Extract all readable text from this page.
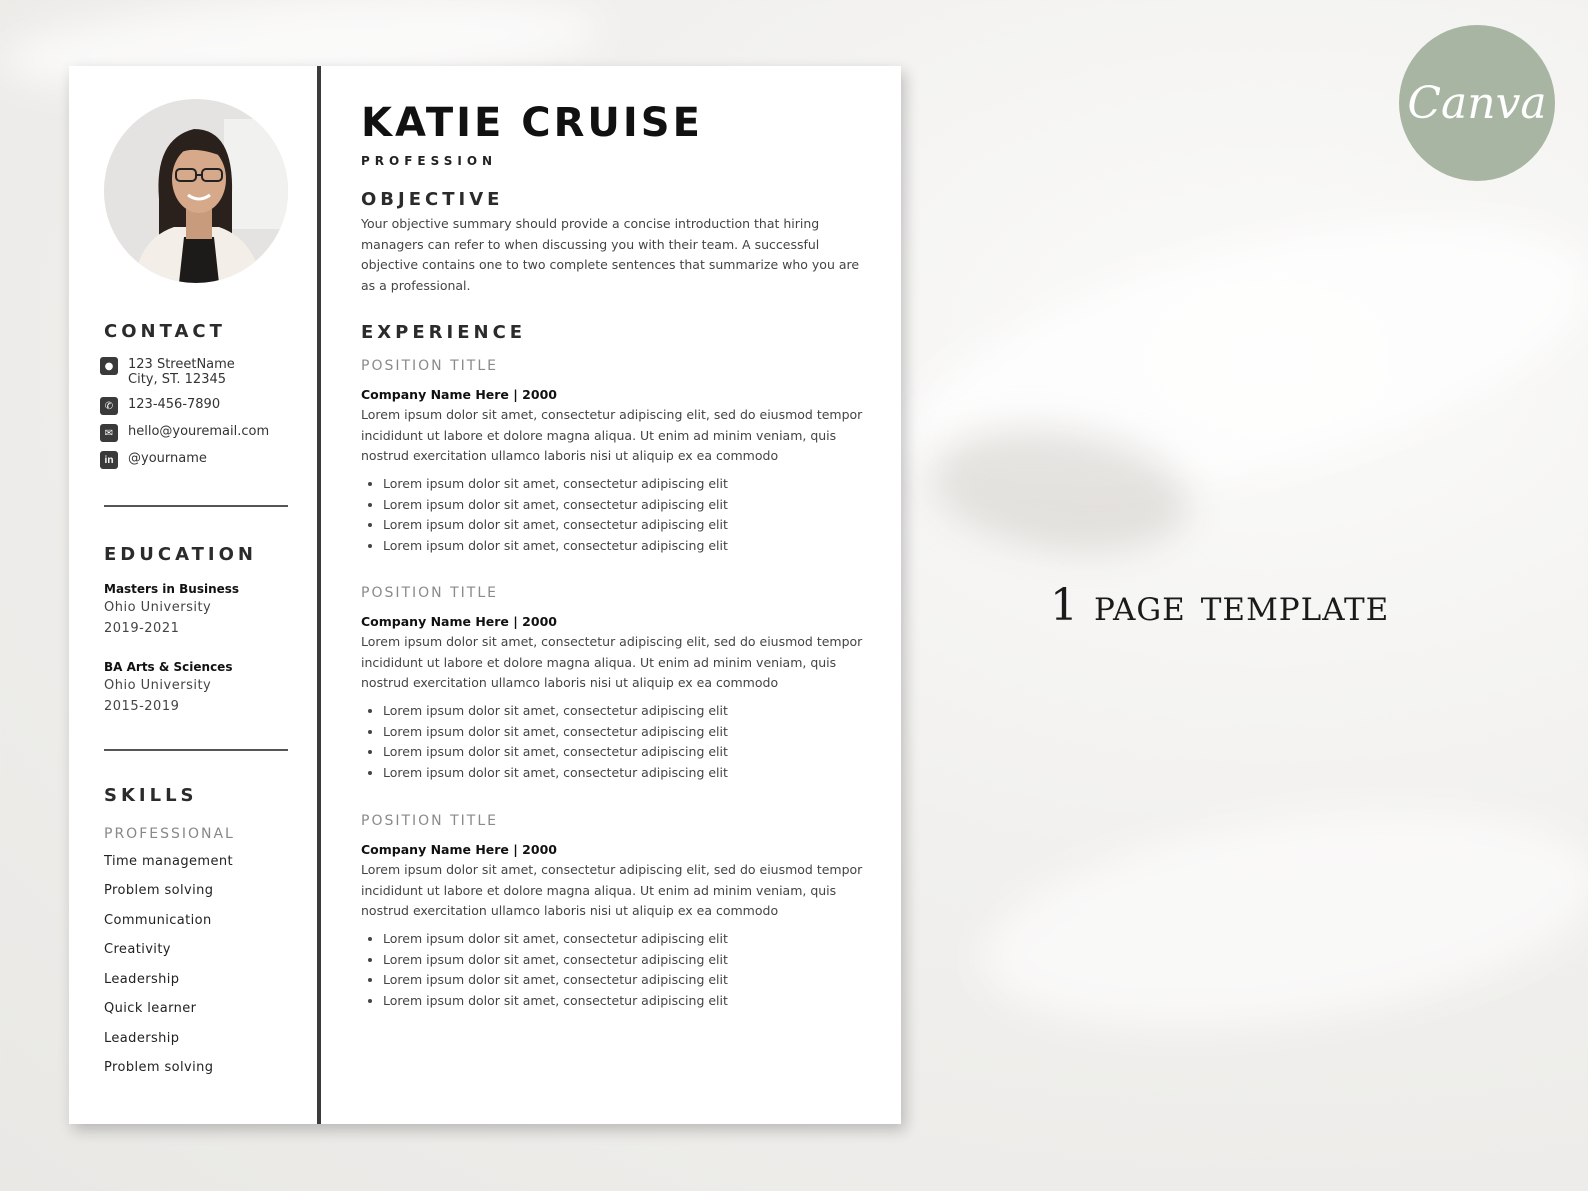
CONTACT
●	123 StreetName
City, ST. 12345
✆	123-456-7890
✉	hello@youremail.com
in	@yourname
EDUCATION
Masters in Business
Ohio University
2019-2021
BA Arts & Sciences
Ohio University
2015-2019
SKILLS
PROFESSIONAL
Time management
Problem solving
Communication
Creativity
Leadership
Quick learner
Leadership
Problem solving
KATIE CRUISE
PROFESSION
OBJECTIVE
Your objective summary should provide a concise introduction that hiring managers can refer to when discussing you with their team. A successful objective contains one to two complete sentences that summarize who you are as a professional.
EXPERIENCE
POSITION TITLE
Company Name Here | 2000
Lorem ipsum dolor sit amet, consectetur adipiscing elit, sed do eiusmod tempor incididunt ut labore et dolore magna aliqua. Ut enim ad minim veniam, quis nostrud exercitation ullamco laboris nisi ut aliquip ex ea commodo
• Lorem ipsum dolor sit amet, consectetur adipiscing elit
• Lorem ipsum dolor sit amet, consectetur adipiscing elit
• Lorem ipsum dolor sit amet, consectetur adipiscing elit
• Lorem ipsum dolor sit amet, consectetur adipiscing elit
POSITION TITLE
Company Name Here | 2000
Lorem ipsum dolor sit amet, consectetur adipiscing elit, sed do eiusmod tempor incididunt ut labore et dolore magna aliqua. Ut enim ad minim veniam, quis nostrud exercitation ullamco laboris nisi ut aliquip ex ea commodo
• Lorem ipsum dolor sit amet, consectetur adipiscing elit
• Lorem ipsum dolor sit amet, consectetur adipiscing elit
• Lorem ipsum dolor sit amet, consectetur adipiscing elit
• Lorem ipsum dolor sit amet, consectetur adipiscing elit
POSITION TITLE
Company Name Here | 2000
Lorem ipsum dolor sit amet, consectetur adipiscing elit, sed do eiusmod tempor incididunt ut labore et dolore magna aliqua. Ut enim ad minim veniam, quis nostrud exercitation ullamco laboris nisi ut aliquip ex ea commodo
• Lorem ipsum dolor sit amet, consectetur adipiscing elit
• Lorem ipsum dolor sit amet, consectetur adipiscing elit
• Lorem ipsum dolor sit amet, consectetur adipiscing elit
• Lorem ipsum dolor sit amet, consectetur adipiscing elit
1 page template
Canva
